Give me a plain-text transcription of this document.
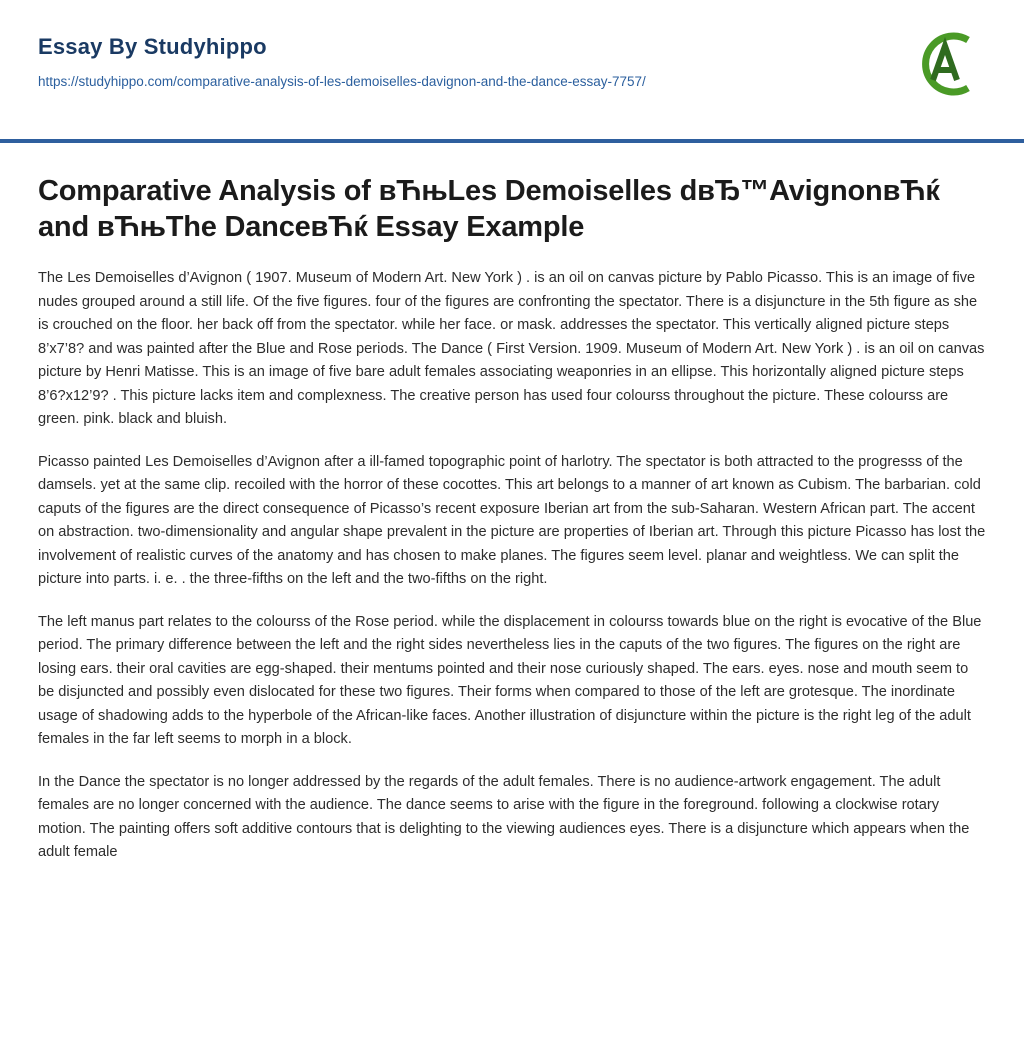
Essay By Studyhippo
https://studyhippo.com/comparative-analysis-of-les-demoiselles-davignon-and-the-dance-essay-7757/
Comparative Analysis of вЋњLes Demoiselles dвЂ™AvignonвЋќ and вЋњThe DanceвЋќ Essay Example

The Les Demoiselles d’Avignon ( 1907. Museum of Modern Art. New York ) . is an oil on canvas picture by Pablo Picasso. This is an image of five nudes grouped around a still life. Of the five figures. four of the figures are confronting the spectator. There is a disjuncture in the 5th figure as she is crouched on the floor. her back off from the spectator. while her face. or mask. addresses the spectator. This vertically aligned picture steps 8’x7’8? and was painted after the Blue and Rose periods. The Dance ( First Version. 1909. Museum of Modern Art. New York ) . is an oil on canvas picture by Henri Matisse. This is an image of five bare adult females associating weaponries in an ellipse. This horizontally aligned picture steps 8’6?x12’9? . This picture lacks item and complexness. The creative person has used four colourss throughout the picture. These colourss are green. pink. black and bluish.

Picasso painted Les Demoiselles d’Avignon after a ill-famed topographic point of harlotry. The spectator is both attracted to the progresss of the damsels. yet at the same clip. recoiled with the horror of these cocottes. This art belongs to a manner of art known as Cubism. The barbarian. cold caputs of the figures are the direct consequence of Picasso’s recent exposure Iberian art from the sub-Saharan. Western African part. The accent on abstraction. two-dimensionality and angular shape prevalent in the picture are properties of Iberian art. Through this picture Picasso has lost the involvement of realistic curves of the anatomy and has chosen to make planes. The figures seem level. planar and weightless. We can split the picture into parts. i. e. . the three-fifths on the left and the two-fifths on the right.

The left manus part relates to the colourss of the Rose period. while the displacement in colourss towards blue on the right is evocative of the Blue period. The primary difference between the left and the right sides nevertheless lies in the caputs of the two figures. The figures on the right are losing ears. their oral cavities are egg-shaped. their mentums pointed and their nose curiously shaped. The ears. eyes. nose and mouth seem to be disjuncted and possibly even dislocated for these two figures. Their forms when compared to those of the left are grotesque. The inordinate usage of shadowing adds to the hyperbole of the African-like faces. Another illustration of disjuncture within the picture is the right leg of the adult females in the far left seems to morph in a block.

In the Dance the spectator is no longer addressed by the regards of the adult females. There is no audience-artwork engagement. The adult females are no longer concerned with the audience. The dance seems to arise with the figure in the foreground. following a clockwise rotary motion. The painting offers soft additive contours that is delighting to the viewing audiences eyes. There is a disjuncture which appears when the adult female
